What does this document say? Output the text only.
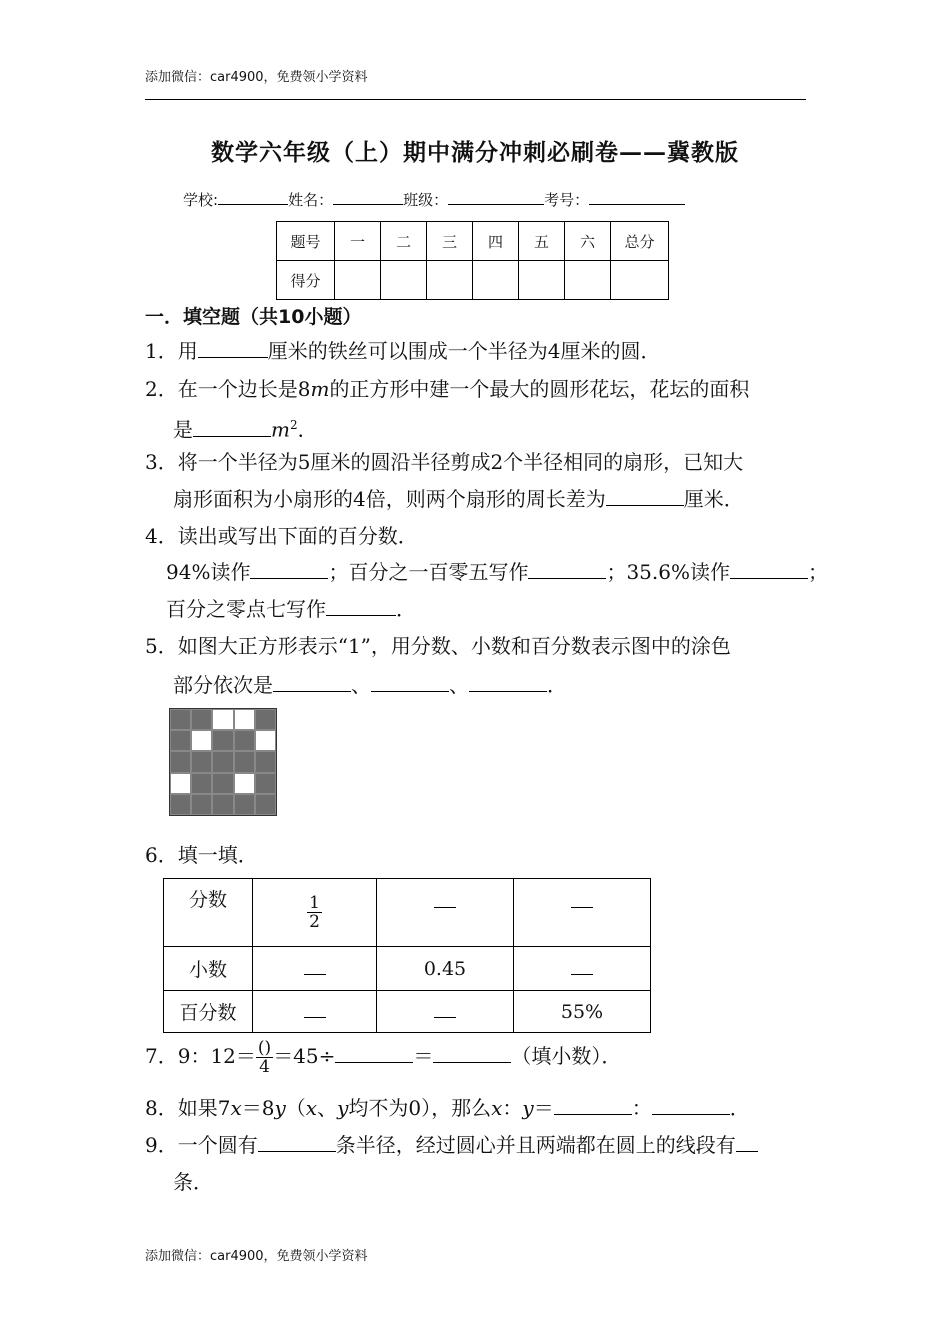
添加微信：car4900，免费领小学资料
数学六年级（上）期中满分冲刺必刷卷——冀教版
学校:	姓名：	班级：	考号：
题号	一	二	三	四	五	六	总分
得分							
一．填空题（共10小题）
1．用	厘米的铁丝可以围成一个半径为4厘米的圆．
2．在一个边长是8m的正方形中建一个最大的圆形花坛，花坛的面积
是	$m^2$．
3．将一个半径为5厘米的圆沿半径剪成2个半径相同的扇形，已知大
扇形面积为小扇形的4倍，则两个扇形的周长差为	厘米．
4．读出或写出下面的百分数．
94%读作	；百分之一百零五写作	；35.6%读作	；
百分之零点七写作	．
5．如图大正方形表示“1”，用分数、小数和百分数表示图中的涂色
部分依次是	、	、	．
6．填一填．
分数	$\frac{1}{2}$

小数		0.45	
百分数			55%
7．9：$12= \frac{()}{4} =45\div$	＝	（填小数）．
8．如果7x＝8y（x、y均不为0），那么x：y＝	：	．
9．一个圆有	条半径，经过圆心并且两端都在圆上的线段有
条．
添加微信：car4900，免费领小学资料
